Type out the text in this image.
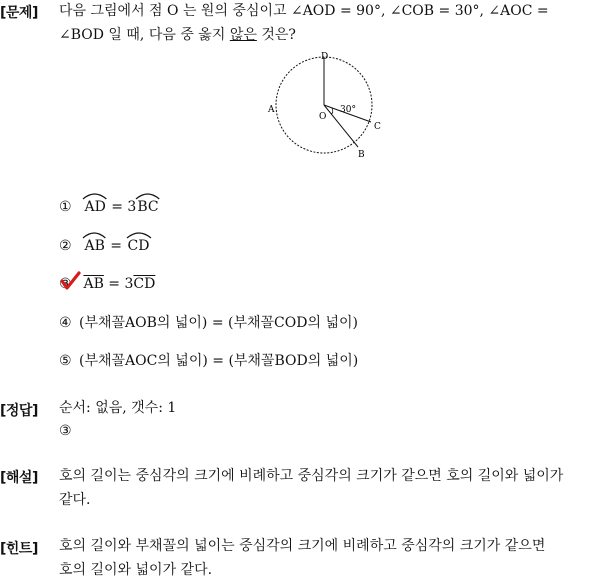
[문제] 다음 그림에서 점 O 는 원의 중심이고 ∠AOD = 90°, ∠COB = 30°, ∠AOC =
∠BOD 일 때, 다음 중 옳지 않은 것은?
O
D
A
C
B
30°
① AD = 3
BC
② AB =
CD
③ $\overline{AB} = 3\overline{CD}$
④ (부채꼴AOB의 넓이) = (부채꼴COD의 넓이)
⑤ (부채꼴AOC의 넓이) = (부채꼴BOD의 넓이)
[정답] 순서: 없음, 갯수: 1
③
[해설] 호의 길이는 중심각의 크기에 비례하고 중심각의 크기가 같으면 호의 길이와 넓이가
같다.
[힌트] 호의 길이와 부채꼴의 넓이는 중심각의 크기에 비례하고 중심각의 크기가 같으면
호의 길이와 넓이가 같다.
